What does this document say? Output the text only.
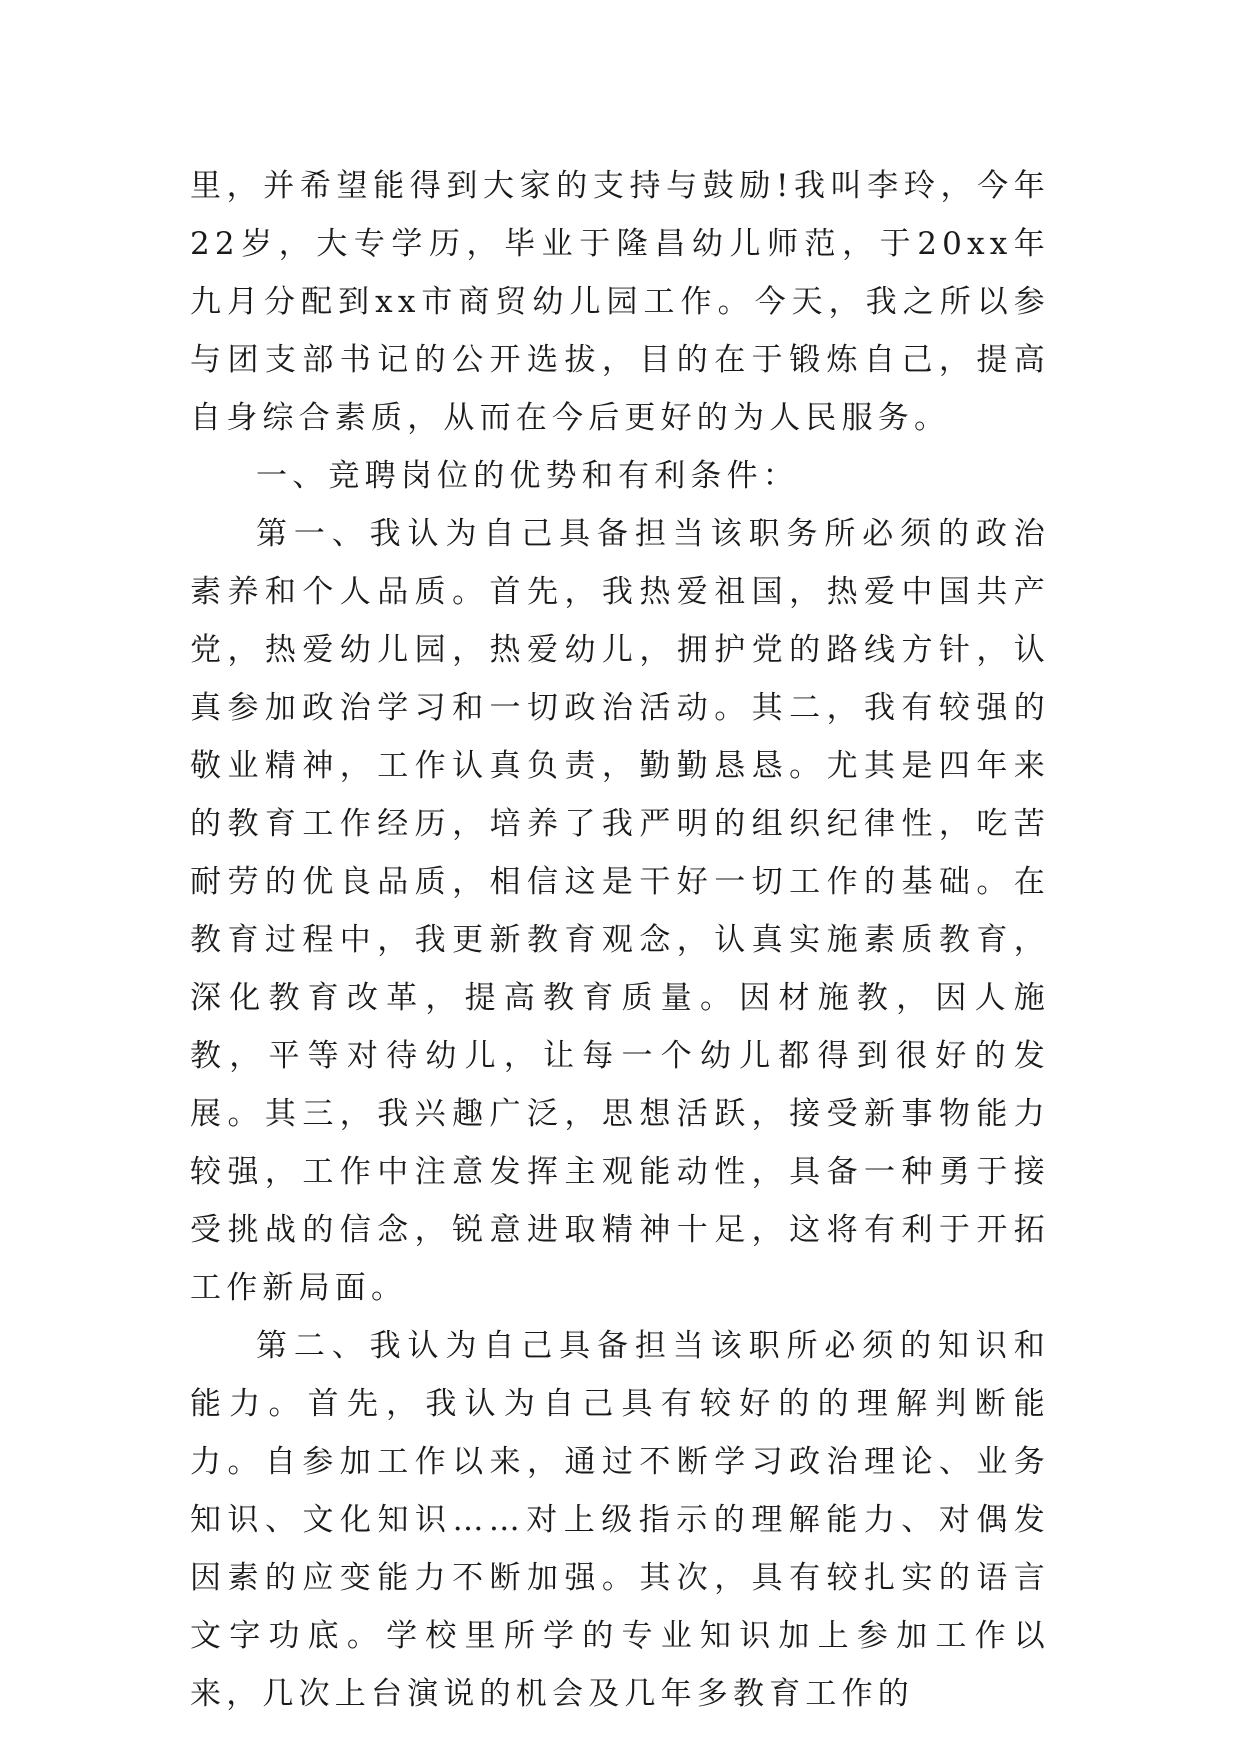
里，并希望能得到大家的支持与鼓励!我叫李玲，今年22岁，大专学历，毕业于隆昌幼儿师范，于20xx年九月分配到xx市商贸幼儿园工作。今天，我之所以参与团支部书记的公开选拔，目的在于锻炼自己，提高自身综合素质，从而在今后更好的为人民服务。

一、竞聘岗位的优势和有利条件：

第一、我认为自己具备担当该职务所必须的政治素养和个人品质。首先，我热爱祖国，热爱中国共产党，热爱幼儿园，热爱幼儿，拥护党的路线方针，认真参加政治学习和一切政治活动。其二，我有较强的敬业精神，工作认真负责，勤勤恳恳。尤其是四年来的教育工作经历，培养了我严明的组织纪律性，吃苦耐劳的优良品质，相信这是干好一切工作的基础。在教育过程中，我更新教育观念，认真实施素质教育，深化教育改革，提高教育质量。因材施教，因人施教，平等对待幼儿，让每一个幼儿都得到很好的发展。其三，我兴趣广泛，思想活跃，接受新事物能力较强，工作中注意发挥主观能动性，具备一种勇于接受挑战的信念，锐意进取精神十足，这将有利于开拓工作新局面。

第二、我认为自己具备担当该职所必须的知识和能力。首先，我认为自己具有较好的的理解判断能力。自参加工作以来，通过不断学习政治理论、业务知识、文化知识……对上级指示的理解能力、对偶发因素的应变能力不断加强。其次，具有较扎实的语言文字功底。学校里所学的专业知识加上参加工作以来，几次上台演说的机会及几年多教育工作的
